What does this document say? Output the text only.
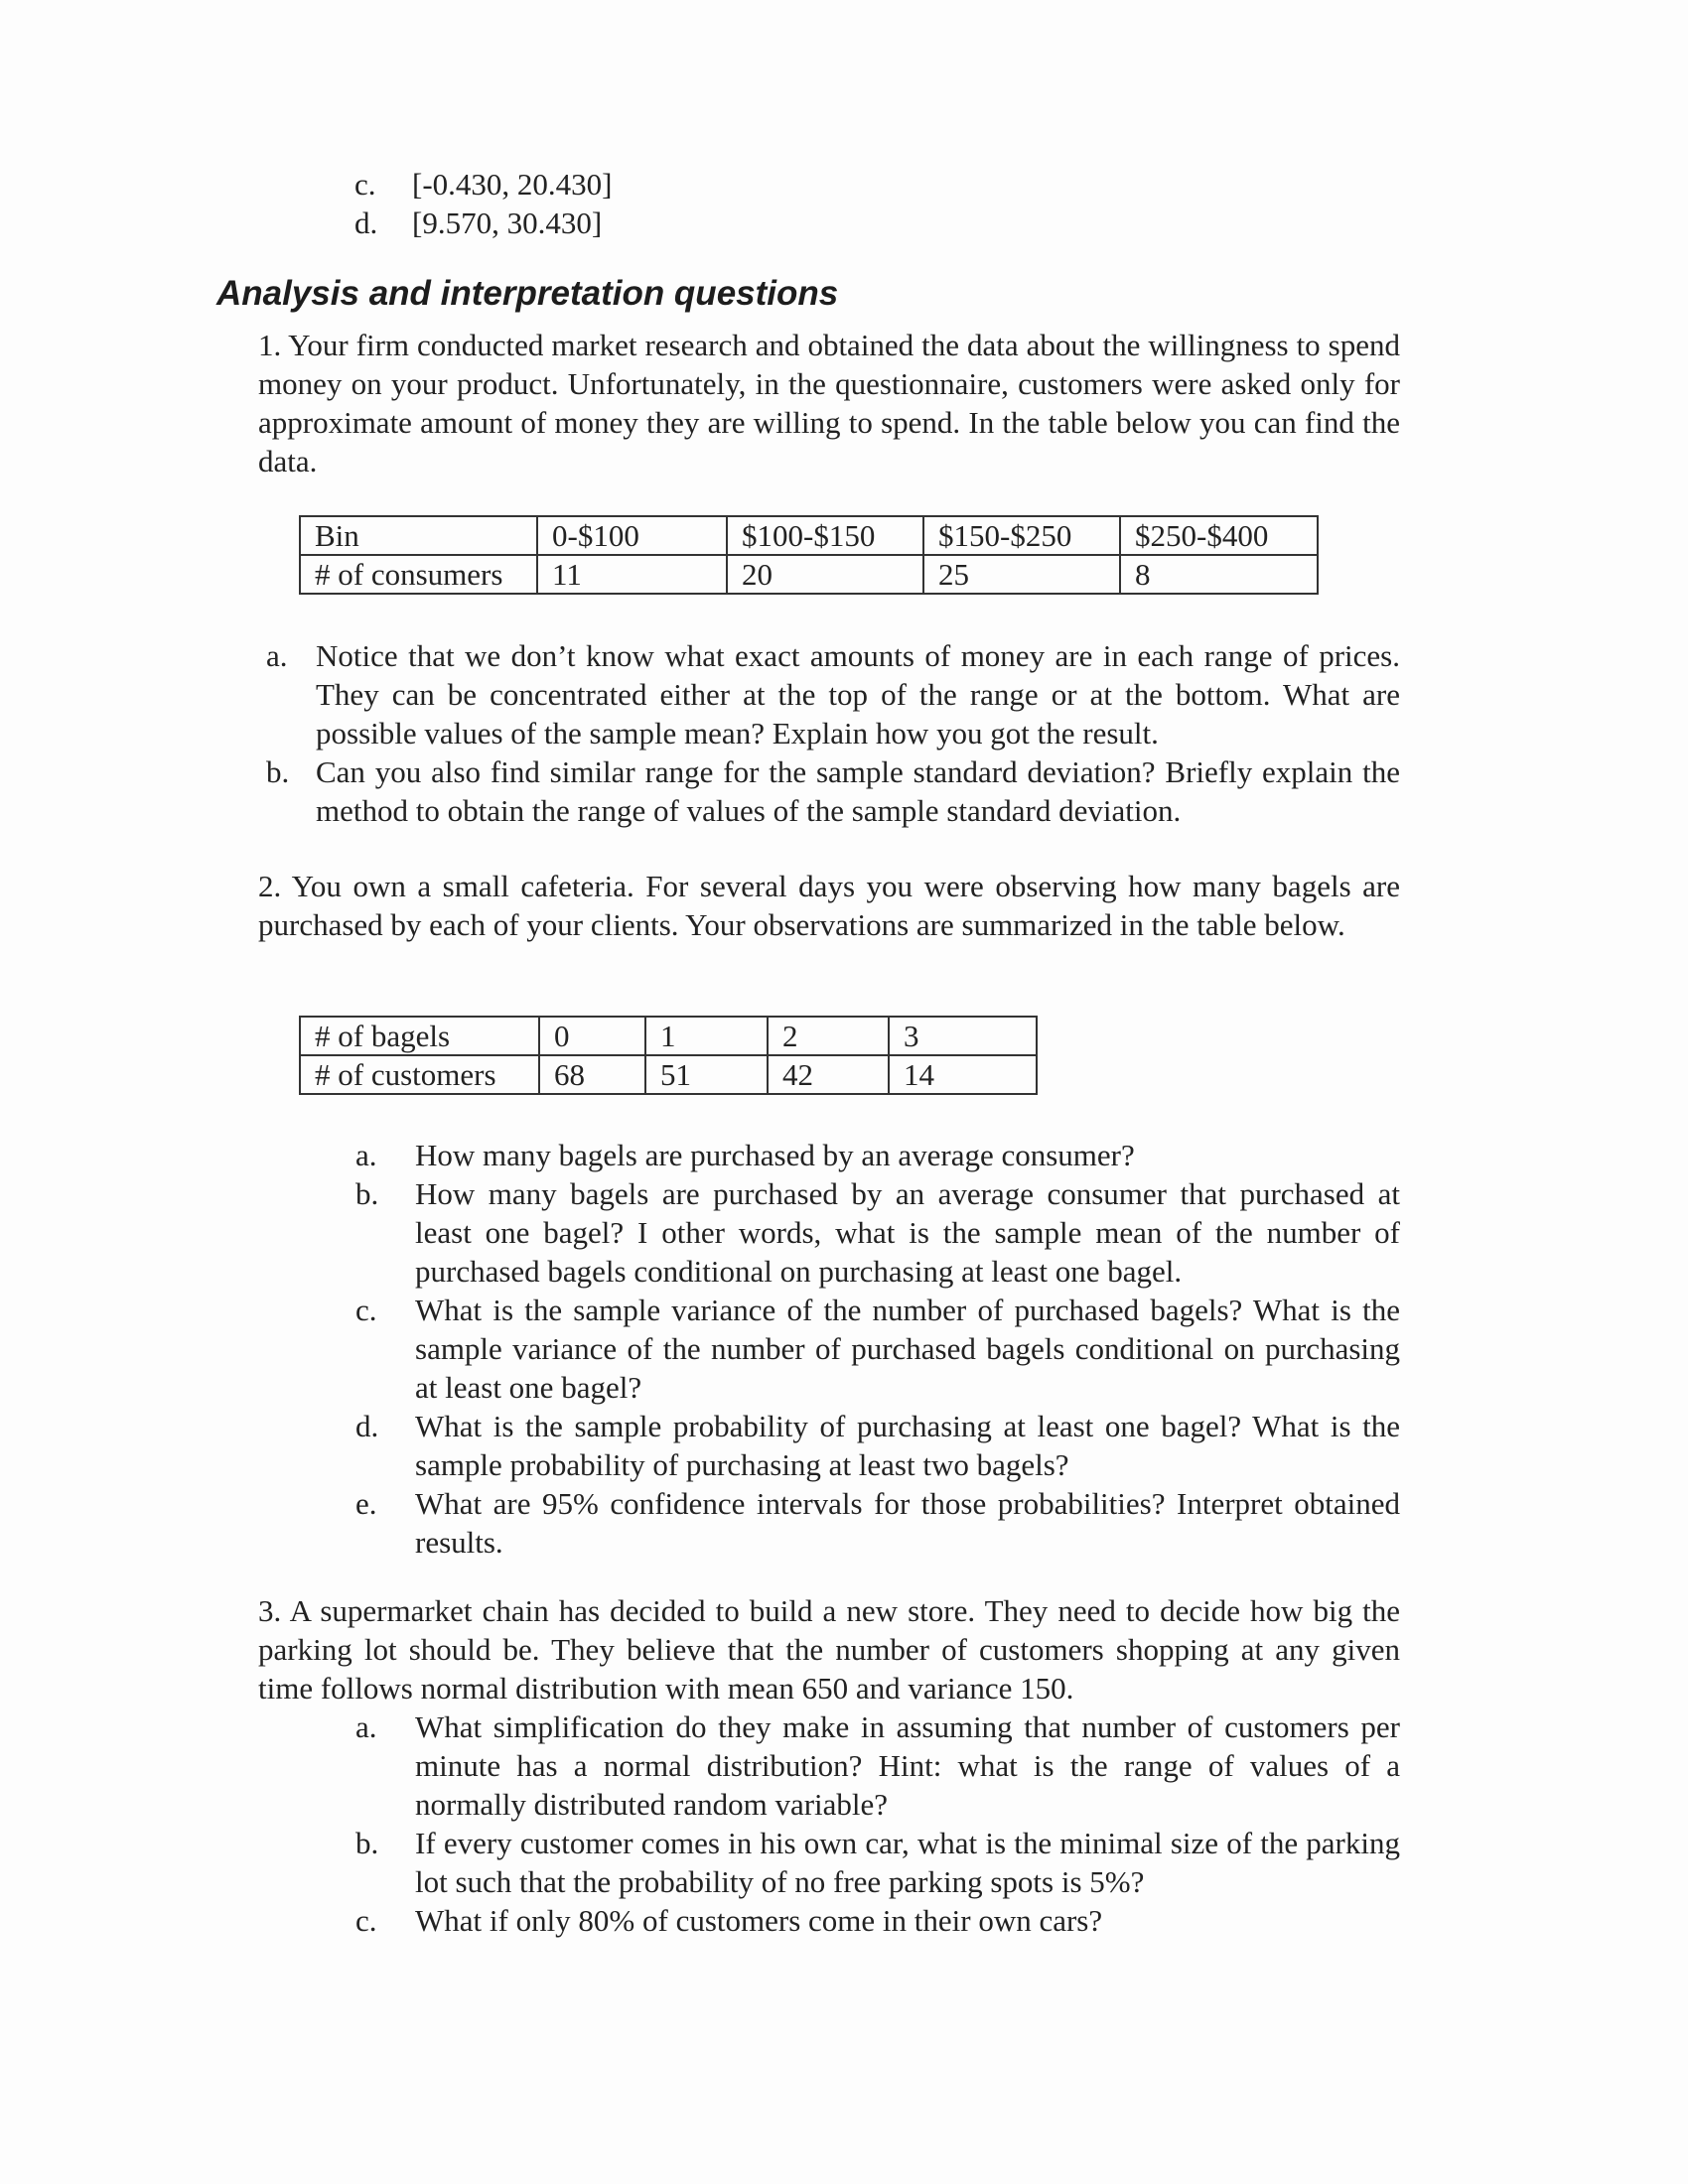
c. [-0.430, 20.430]
d. [9.570, 30.430]
Analysis and interpretation questions
1. Your firm conducted market research and obtained the data about the willingness to spend money on your product. Unfortunately, in the questionnaire, customers were asked only for approximate amount of money they are willing to spend. In the table below you can find the data.
Bin	0-$100	$100-$150	$150-$250	$250-$400
# of consumers	11	20	25	8
a. Notice that we don’t know what exact amounts of money are in each range of prices. They can be concentrated either at the top of the range or at the bottom. What are possible values of the sample mean? Explain how you got the result.
b. Can you also find similar range for the sample standard deviation? Briefly explain the method to obtain the range of values of the sample standard deviation.
2. You own a small cafeteria. For several days you were observing how many bagels are purchased by each of your clients. Your observations are summarized in the table below.
# of bagels	0	1	2	3
# of customers	68	51	42	14
a. How many bagels are purchased by an average consumer?
b. How many bagels are purchased by an average consumer that purchased at least one bagel? I other words, what is the sample mean of the number of purchased bagels conditional on purchasing at least one bagel.
c. What is the sample variance of the number of purchased bagels? What is the sample variance of the number of purchased bagels conditional on purchasing at least one bagel?
d. What is the sample probability of purchasing at least one bagel? What is the sample probability of purchasing at least two bagels?
e. What are 95% confidence intervals for those probabilities? Interpret obtained results.
3. A supermarket chain has decided to build a new store. They need to decide how big the parking lot should be. They believe that the number of customers shopping at any given time follows normal distribution with mean 650 and variance 150.
a. What simplification do they make in assuming that number of customers per minute has a normal distribution? Hint: what is the range of values of a normally distributed random variable?
b. If every customer comes in his own car, what is the minimal size of the parking lot such that the probability of no free parking spots is 5%?
c. What if only 80% of customers come in their own cars?
